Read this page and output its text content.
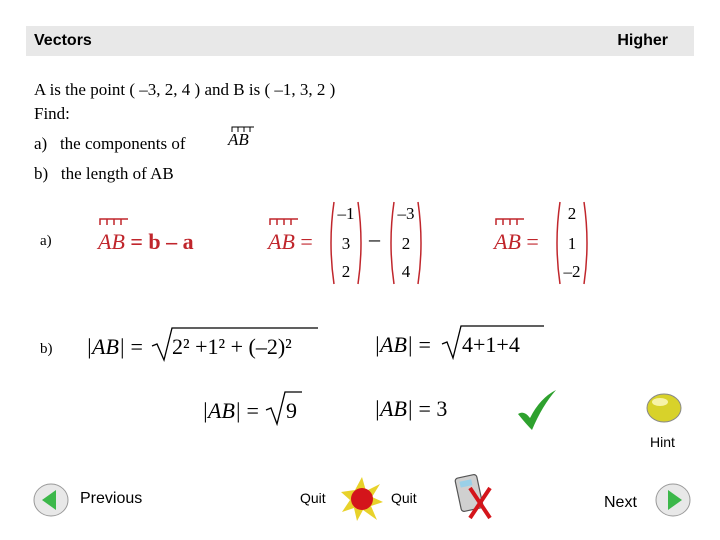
Vectors	Higher
A is the point ( –3, 2, 4 ) and B is ( –1, 3, 2 )
Find:
a)   the components of AB
b)   the length of AB
a) AB = b – a	AB =
–1
3
2
–
–3
2
4
AB =
2
1
–2
b) |AB| = 2² +1² + (–2)²	|AB| = 4+1+4
|AB| = 9	|AB| = 3
Hint
Previous	Quit	Quit	Next
